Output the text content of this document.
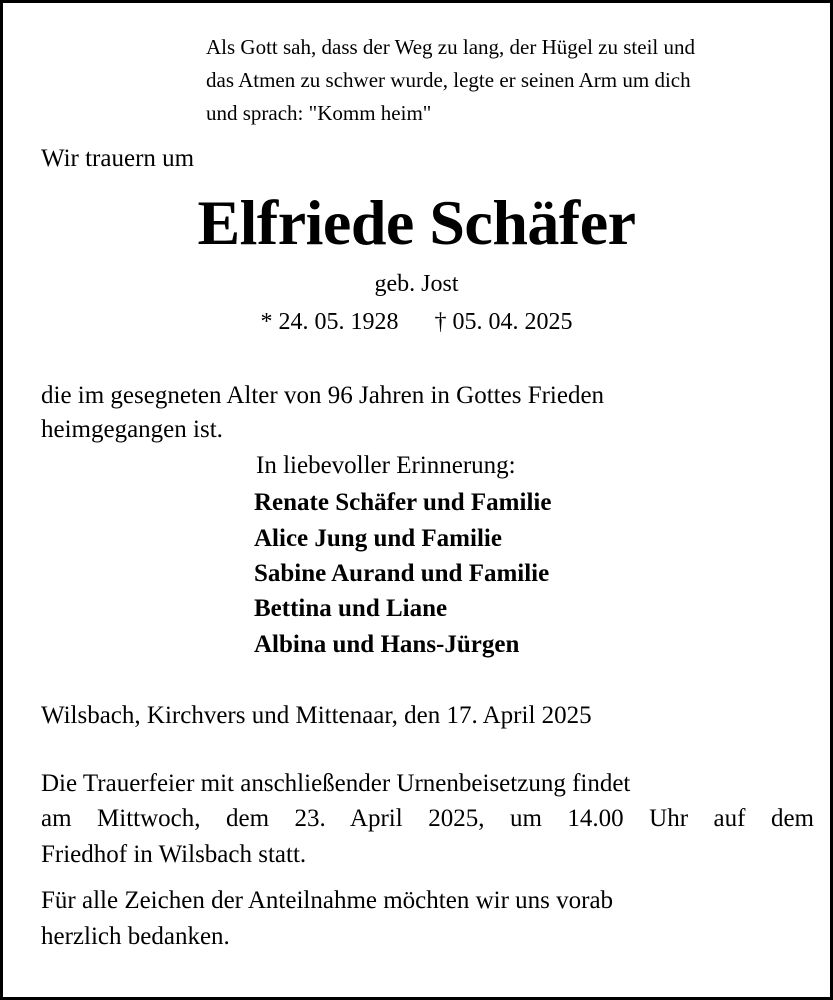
Als Gott sah, dass der Weg zu lang, der Hügel zu steil und
das Atmen zu schwer wurde, legte er seinen Arm um dich
und sprach: "Komm heim"
Wir trauern um
Elfriede Schäfer
geb. Jost
* 24. 05. 1928 † 05. 04. 2025
die im gesegneten Alter von 96 Jahren in Gottes Frieden
heimgegangen ist.
In liebevoller Erinnerung:
Renate Schäfer und Familie
Alice Jung und Familie
Sabine Aurand und Familie
Bettina und Liane
Albina und Hans-Jürgen
Wilsbach, Kirchvers und Mittenaar, den 17. April 2025
Die Trauerfeier mit anschließender Urnenbeisetzung findet
am Mittwoch, dem 23. April 2025, um 14.00 Uhr auf dem
Friedhof in Wilsbach statt.
Für alle Zeichen der Anteilnahme möchten wir uns vorab
herzlich bedanken.
